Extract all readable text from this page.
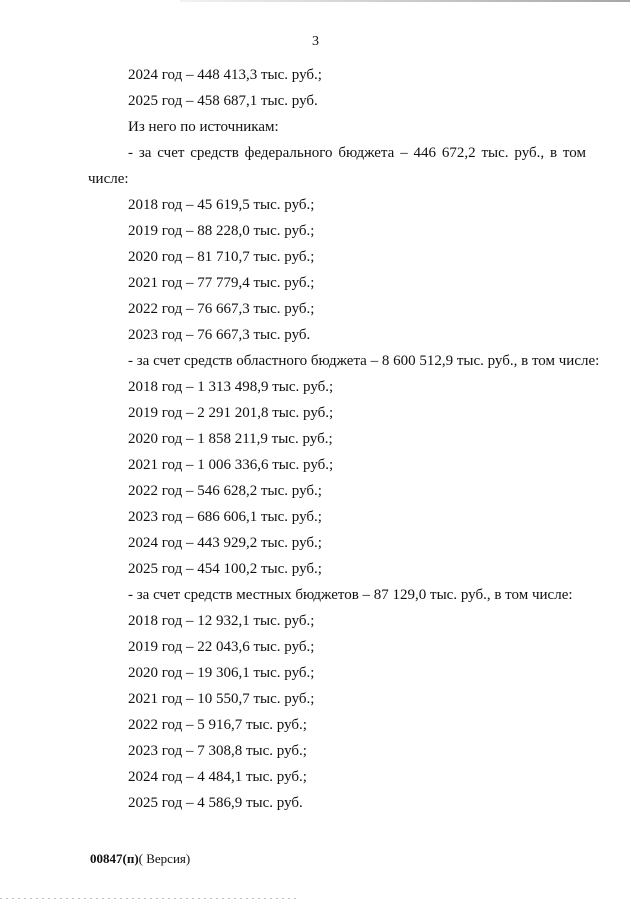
3
2024 год – 448 413,3 тыс. руб.;
2025 год – 458 687,1 тыс. руб.
Из него по источникам:
- за счет средств федерального бюджета – 446 672,2 тыс. руб., в том
числе:
2018 год – 45 619,5 тыс. руб.;
2019 год – 88 228,0 тыс. руб.;
2020 год – 81 710,7 тыс. руб.;
2021 год – 77 779,4 тыс. руб.;
2022 год – 76 667,3 тыс. руб.;
2023 год – 76 667,3 тыс. руб.
- за счет средств областного бюджета – 8 600 512,9 тыс. руб., в том числе:
2018 год – 1 313 498,9 тыс. руб.;
2019 год – 2 291 201,8 тыс. руб.;
2020 год – 1 858 211,9 тыс. руб.;
2021 год – 1 006 336,6 тыс. руб.;
2022 год – 546 628,2 тыс. руб.;
2023 год – 686 606,1 тыс. руб.;
2024 год – 443 929,2 тыс. руб.;
2025 год – 454 100,2 тыс. руб.;
- за счет средств местных бюджетов – 87 129,0 тыс. руб., в том числе:
2018 год – 12 932,1 тыс. руб.;
2019 год – 22 043,6 тыс. руб.;
2020 год – 19 306,1 тыс. руб.;
2021 год – 10 550,7 тыс. руб.;
2022 год – 5 916,7 тыс. руб.;
2023 год – 7 308,8 тыс. руб.;
2024 год – 4 484,1 тыс. руб.;
2025 год – 4 586,9 тыс. руб.
00847(п)( Версия)
